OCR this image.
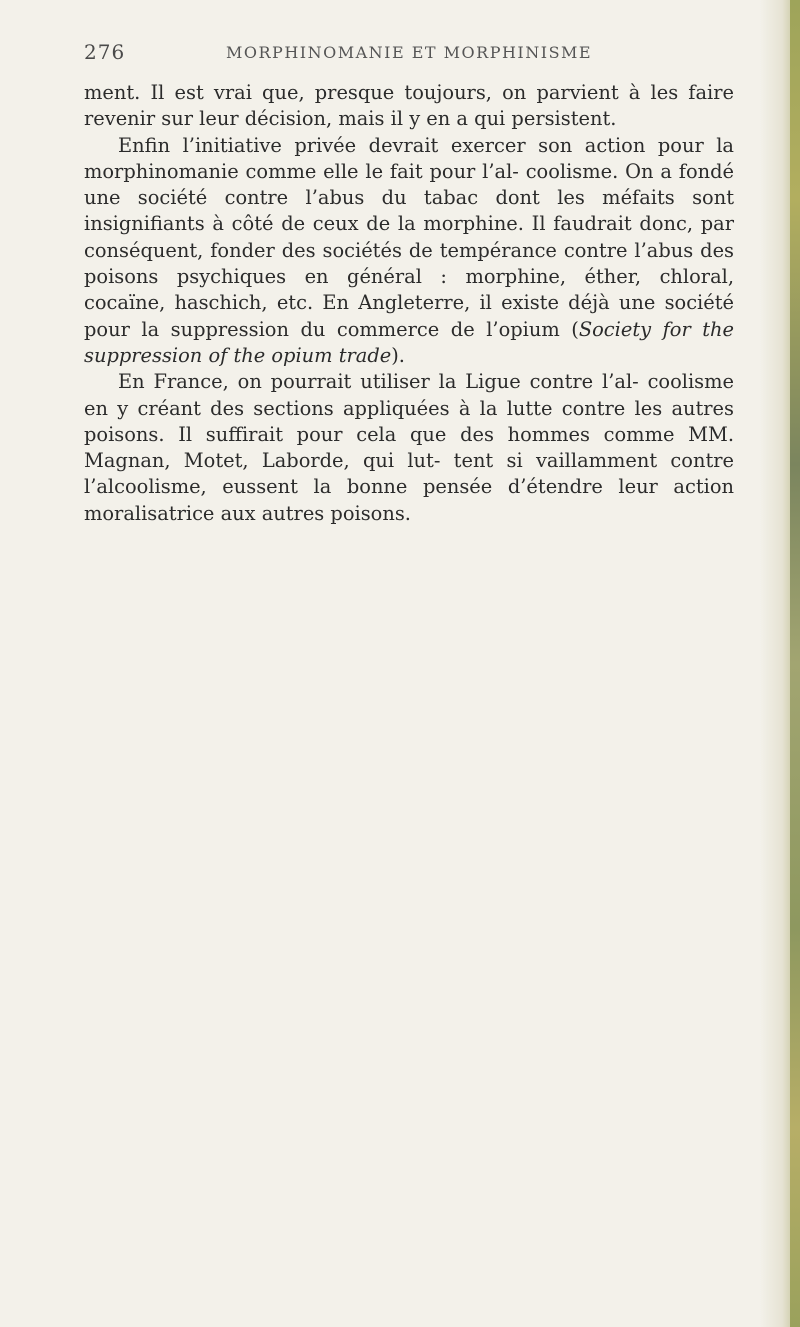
276	MORPHINOMANIE ET MORPHINISME

ment. Il est vrai que, presque toujours, on parvient à les faire revenir sur leur décision, mais il y en a qui persistent.

Enfin l’initiative privée devrait exercer son action pour la morphinomanie comme elle le fait pour l’al- coolisme. On a fondé une société contre l’abus du tabac dont les méfaits sont insignifiants à côté de ceux de la morphine. Il faudrait donc, par conséquent, fonder des sociétés de tempérance contre l’abus des poisons psychiques en général : morphine, éther, chloral, cocaïne, haschich, etc. En Angleterre, il existe déjà une société pour la suppression du commerce de l’opium (Society for the suppression of the opium trade).

En France, on pourrait utiliser la Ligue contre l’al- coolisme en y créant des sections appliquées à la lutte contre les autres poisons. Il suffirait pour cela que des hommes comme MM. Magnan, Motet, Laborde, qui lut- tent si vaillamment contre l’alcoolisme, eussent la bonne pensée d’étendre leur action moralisatrice aux autres poisons.
